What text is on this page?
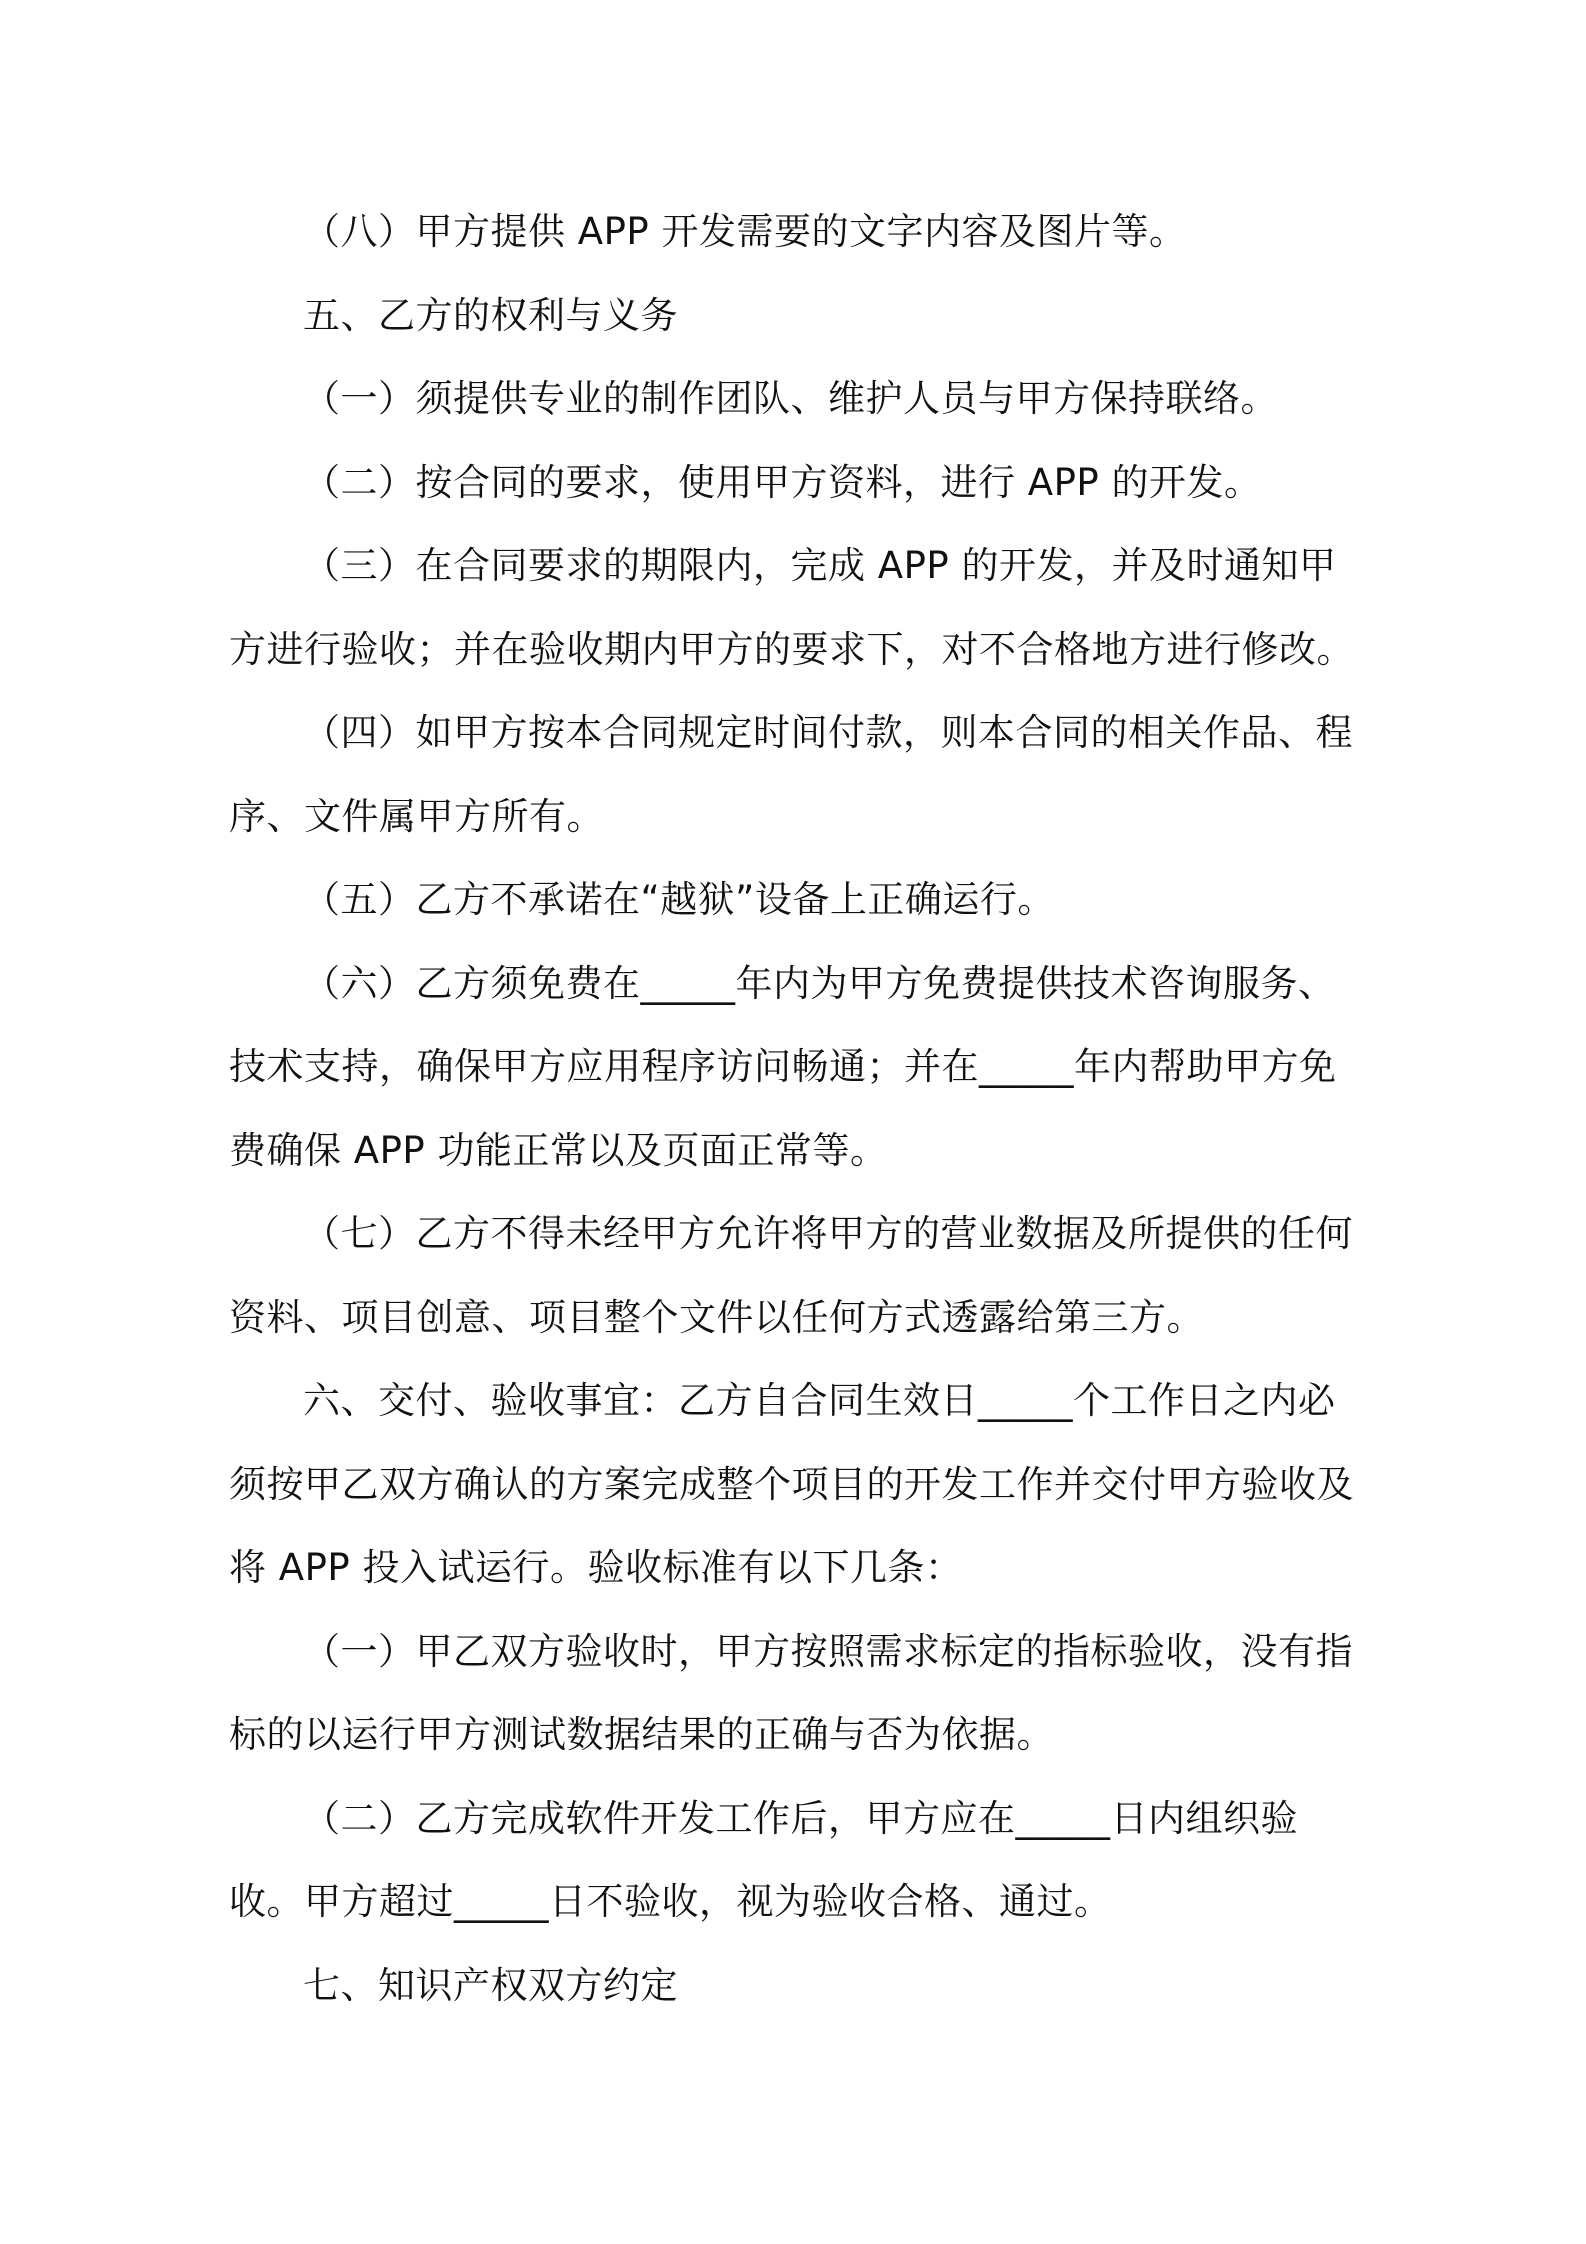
（八）甲方提供 APP 开发需要的文字内容及图片等。

五、乙方的权利与义务

（一）须提供专业的制作团队、维护人员与甲方保持联络。

（二）按合同的要求，使用甲方资料，进行 APP 的开发。

（三）在合同要求的期限内，完成 APP 的开发，并及时通知甲方进行验收；并在验收期内甲方的要求下，对不合格地方进行修改。

（四）如甲方按本合同规定时间付款，则本合同的相关作品、程序、文件属甲方所有。

（五）乙方不承诺在“越狱”设备上正确运行。

（六）乙方须免费在_____年内为甲方免费提供技术咨询服务、技术支持，确保甲方应用程序访问畅通；并在_____年内帮助甲方免费确保 APP 功能正常以及页面正常等。

（七）乙方不得未经甲方允许将甲方的营业数据及所提供的任何资料、项目创意、项目整个文件以任何方式透露给第三方。

六、交付、验收事宜：乙方自合同生效日_____个工作日之内必须按甲乙双方确认的方案完成整个项目的开发工作并交付甲方验收及将 APP 投入试运行。验收标准有以下几条：

（一）甲乙双方验收时，甲方按照需求标定的指标验收，没有指标的以运行甲方测试数据结果的正确与否为依据。

（二）乙方完成软件开发工作后，甲方应在_____日内组织验收。甲方超过_____日不验收，视为验收合格、通过。

七、知识产权双方约定
